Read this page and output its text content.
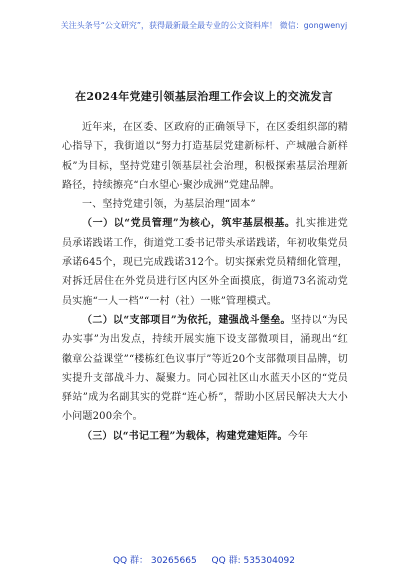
关注头条号“公文研究”，获得最新最全最专业的公文资料库！ 微信：gongwenyj
在2024年党建引领基层治理工作会议上的交流发言

近年来，在区委、区政府的正确领导下，在区委组织部的精心指导下，我街道以“努力打造基层党建新标杆、产城融合新样板”为目标，坚持党建引领基层社会治理，积极探索基层治理新路径，持续擦亮“白水望心·聚沙成洲”党建品牌。

一、坚持党建引领，为基层治理“固本”

（一）以“党员管理”为核心，筑牢基层根基。扎实推进党员承诺践诺工作，街道党工委书记带头承诺践诺，年初收集党员承诺645个，现已完成践诺312个。切实探索党员精细化管理，对拆迁居住在外党员进行区内区外全面摸底，街道73名流动党员实施“一人一档”“一村（社）一账”管理模式。

（二）以“支部项目”为依托，建强战斗堡垒。坚持以“为民办实事”为出发点，持续开展实施下设支部微项目，涌现出“红徽章公益课堂”“楼栋红色议事厅”等近20个支部微项目品牌，切实提升支部战斗力、凝聚力。同心园社区山水蓝天小区的“党员驿站”成为名副其实的党群“连心桥”，帮助小区居民解决大大小小问题200余个。

（三）以“书记工程”为载体，构建党建矩阵。今年

QQ 群： 30265665 QQ 群: 535304092
